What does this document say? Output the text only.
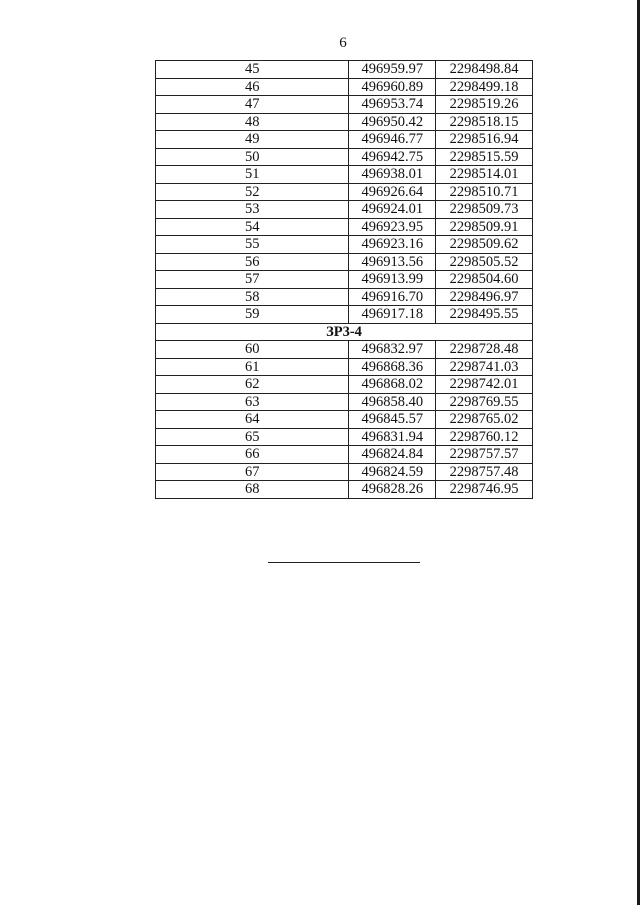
6
45	496959.97	2298498.84
46	496960.89	2298499.18
47	496953.74	2298519.26
48	496950.42	2298518.15
49	496946.77	2298516.94
50	496942.75	2298515.59
51	496938.01	2298514.01
52	496926.64	2298510.71
53	496924.01	2298509.73
54	496923.95	2298509.91
55	496923.16	2298509.62
56	496913.56	2298505.52
57	496913.99	2298504.60
58	496916.70	2298496.97
59	496917.18	2298495.55
ЗР3-4		
60	496832.97	2298728.48
61	496868.36	2298741.03
62	496868.02	2298742.01
63	496858.40	2298769.55
64	496845.57	2298765.02
65	496831.94	2298760.12
66	496824.84	2298757.57
67	496824.59	2298757.48
68	496828.26	2298746.95
